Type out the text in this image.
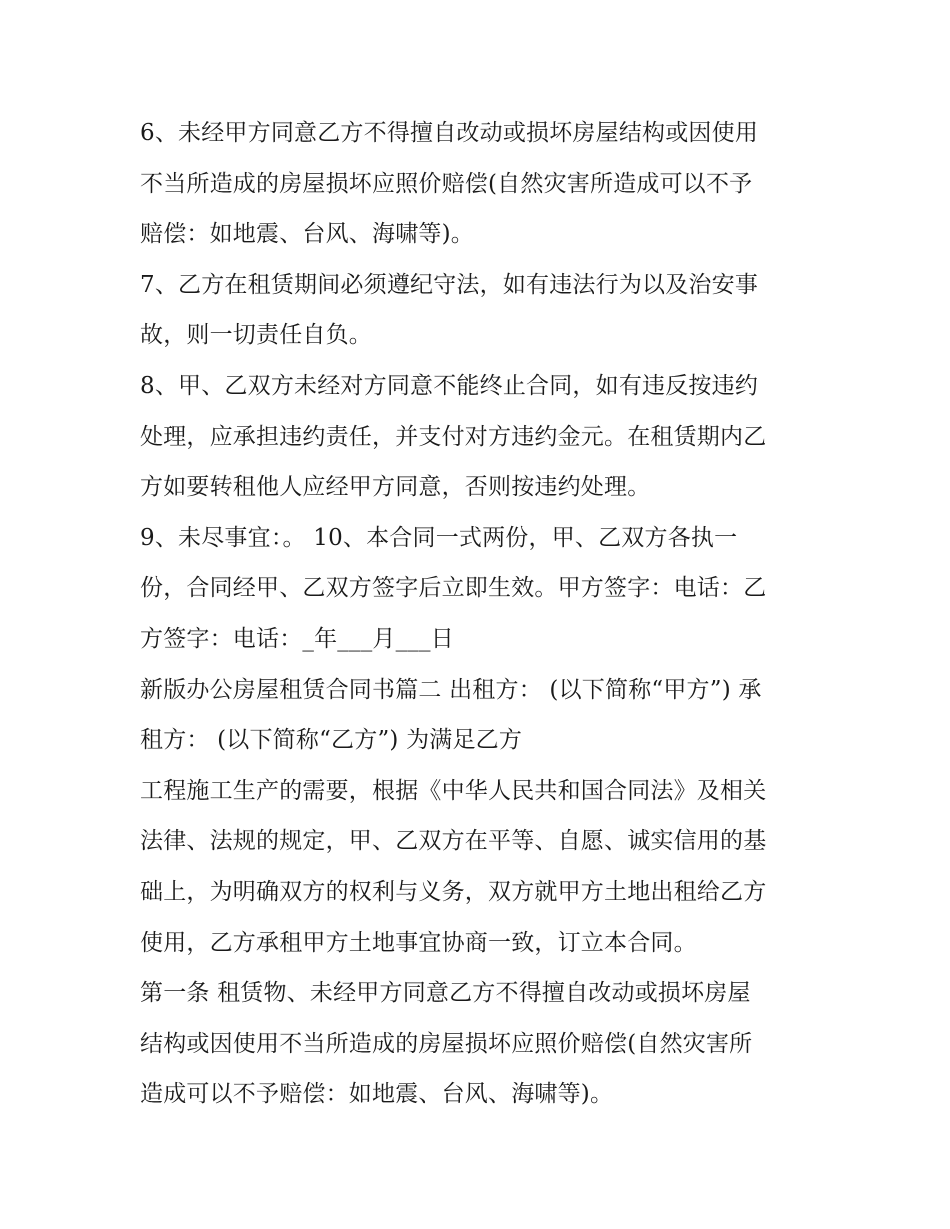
6、未经甲方同意乙方不得擅自改动或损坏房屋结构或因使用
不当所造成的房屋损坏应照价赔偿(自然灾害所造成可以不予
赔偿：如地震、台风、海啸等)。
7、乙方在租赁期间必须遵纪守法，如有违法行为以及治安事
故，则一切责任自负。
8、甲、乙双方未经对方同意不能终止合同，如有违反按违约
处理，应承担违约责任，并支付对方违约金元。在租赁期内乙
方如要转租他人应经甲方同意，否则按违约处理。
9、未尽事宜：。 10、本合同一式两份，甲、乙双方各执一
份，合同经甲、乙双方签字后立即生效。甲方签字：电话：乙
方签字：电话：_年___月___日
新版办公房屋租赁合同书篇二 出租方： (以下简称“甲方”) 承
租方： (以下简称“乙方”) 为满足乙方
工程施工生产的需要，根据《中华人民共和国合同法》及相关
法律、法规的规定，甲、乙双方在平等、自愿、诚实信用的基
础上，为明确双方的权利与义务，双方就甲方土地出租给乙方
使用，乙方承租甲方土地事宜协商一致，订立本合同。
第一条 租赁物、未经甲方同意乙方不得擅自改动或损坏房屋
结构或因使用不当所造成的房屋损坏应照价赔偿(自然灾害所
造成可以不予赔偿：如地震、台风、海啸等)。
